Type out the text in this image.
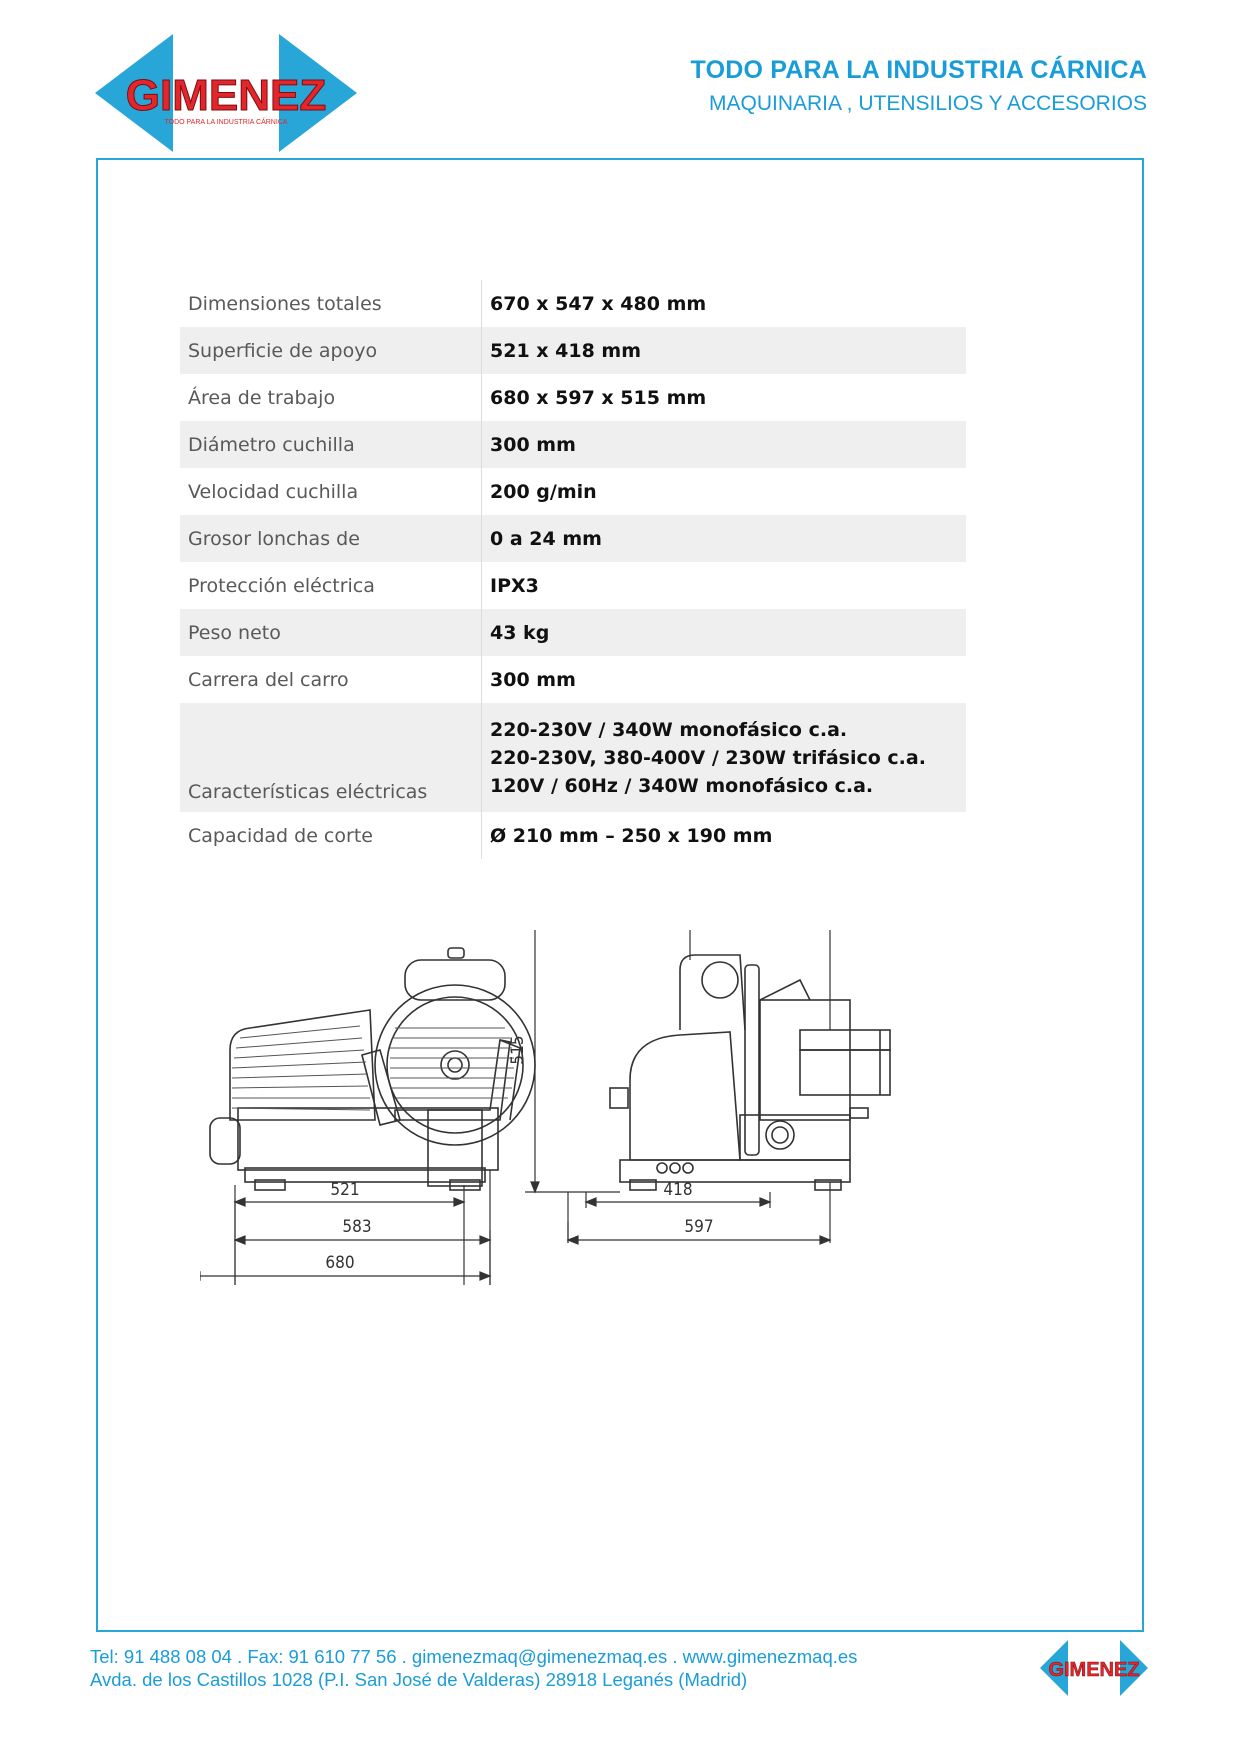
GIMENEZ
TODO PARA LA INDUSTRIA CÁRNICA
TODO PARA LA INDUSTRIA CÁRNICA
MAQUINARIA , UTENSILIOS Y ACCESORIOS
Dimensiones totales	670 x 547 x 480 mm
Superficie de apoyo	521 x 418 mm
Área de trabajo	680 x 597 x 515 mm
Diámetro cuchilla	300 mm
Velocidad cuchilla	200 g/min
Grosor lonchas de	0 a 24 mm
Protección eléctrica	IPX3
Peso neto	43 kg
Carrera del carro	300 mm
Características eléctricas	220-230V / 340W monofásico c.a.
220-230V, 380-400V / 230W trifásico c.a.
120V / 60Hz / 340W monofásico c.a.

Capacidad de corte	Ø 210 mm – 250 x 190 mm
521
583
680
418
597
515
Tel: 91 488 08 04 . Fax: 91 610 77 56 . gimenezmaq@gimenezmaq.es . www.gimenezmaq.es
Avda. de los Castillos 1028 (P.I. San José de Valderas) 28918 Leganés (Madrid)	GIMENEZ
